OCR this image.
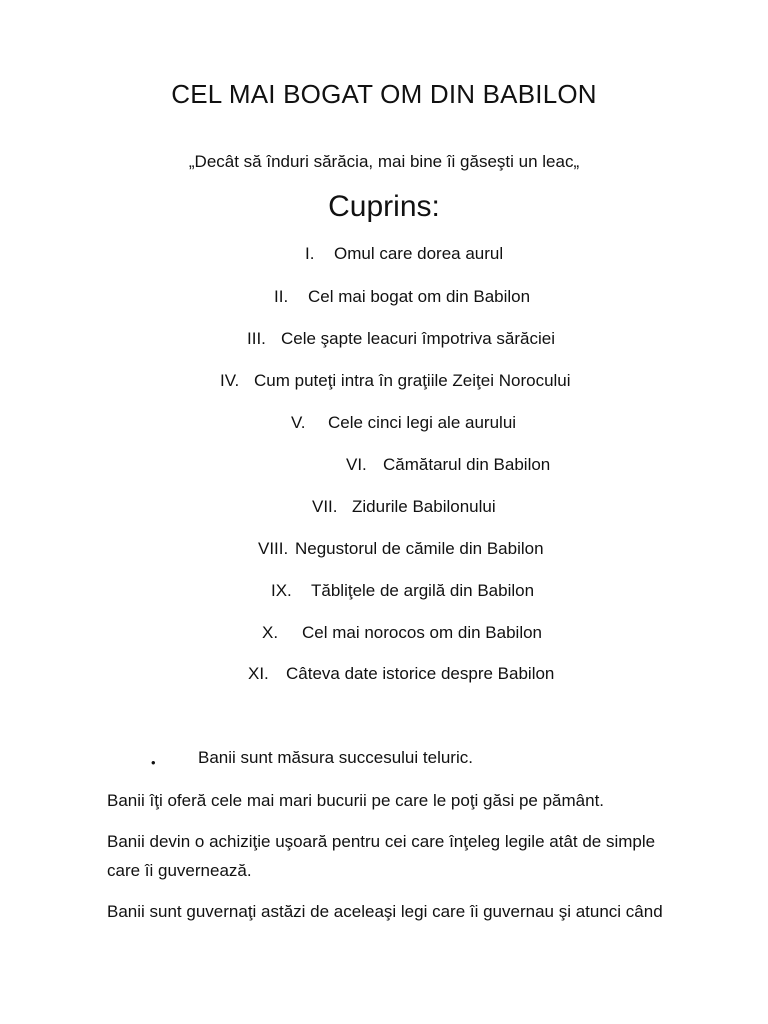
CEL MAI BOGAT OM DIN BABILON
„Decât să înduri sărăcia, mai bine îi găseşti un leac„
Cuprins:
I. Omul care dorea aurul
II. Cel mai bogat om din Babilon
III. Cele şapte leacuri împotriva sărăciei
IV. Cum puteţi intra în graţiile Zeiţei Norocului
V. Cele cinci legi ale aurului
VI. Cămătarul din Babilon
VII. Zidurile Babilonului
VIII. Negustorul de cămile din Babilon
IX. Tăbliţele de argilă din Babilon
X. Cel mai norocos om din Babilon
XI. Câteva date istorice despre Babilon
• Banii sunt măsura succesului teluric.
Banii îţi oferă cele mai mari bucurii pe care le poţi găsi pe pământ.
Banii devin o achiziţie uşoară pentru cei care înţeleg legile atât de simple
care îi guvernează.
Banii sunt guvernaţi astăzi de aceleaşi legi care îi guvernau şi atunci când
